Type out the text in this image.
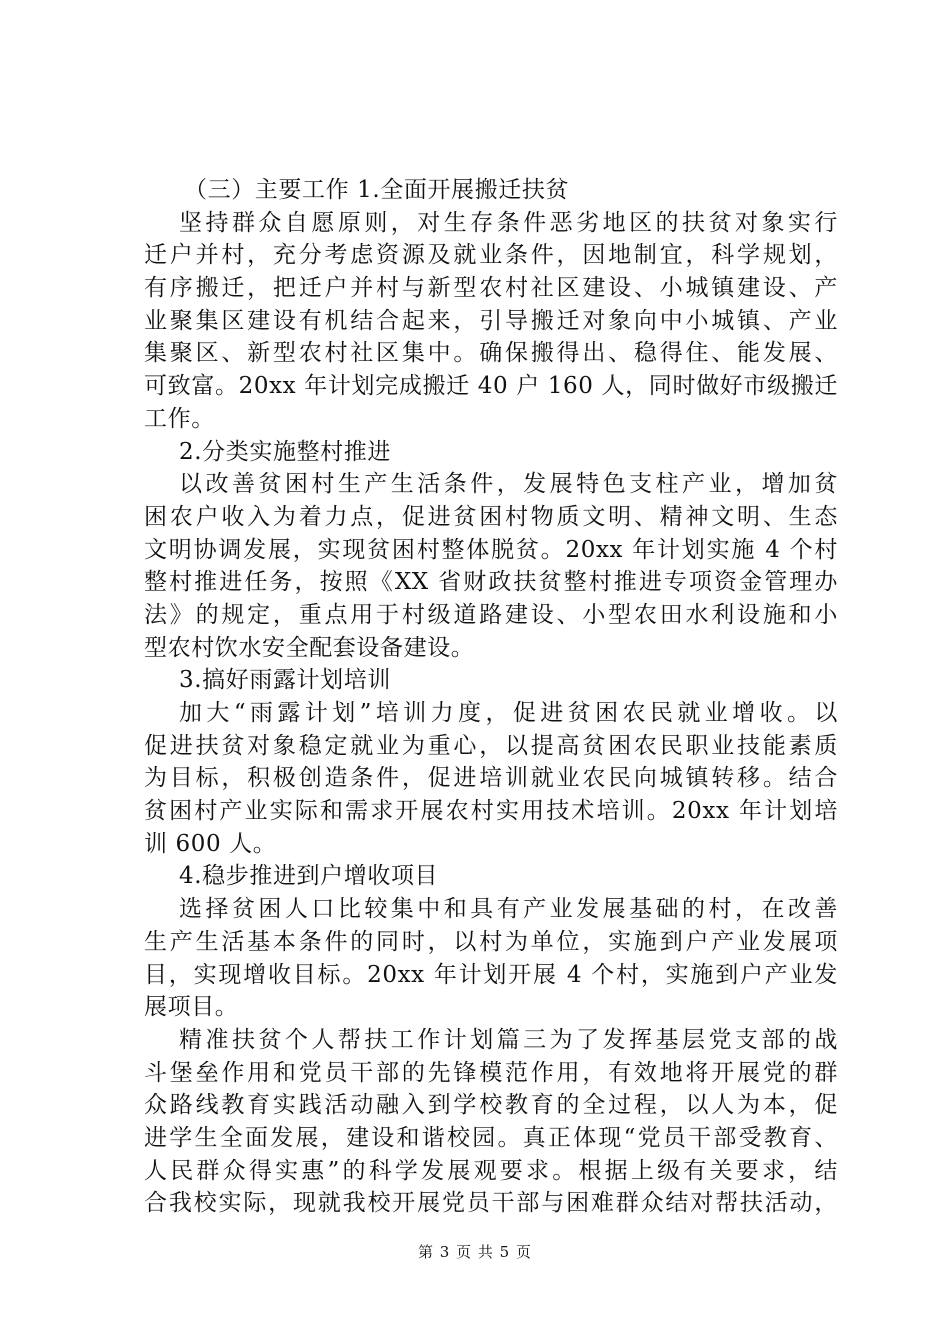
（三）主要工作 1.全面开展搬迁扶贫
坚持群众自愿原则，对生存条件恶劣地区的扶贫对象实行
迁户并村，充分考虑资源及就业条件，因地制宜，科学规划，
有序搬迁，把迁户并村与新型农村社区建设、小城镇建设、产
业聚集区建设有机结合起来，引导搬迁对象向中小城镇、产业
集聚区、新型农村社区集中。确保搬得出、稳得住、能发展、
可致富。20xx 年计划完成搬迁 40 户 160 人，同时做好市级搬迁
工作。
2.分类实施整村推进
以改善贫困村生产生活条件，发展特色支柱产业，增加贫
困农户收入为着力点，促进贫困村物质文明、精神文明、生态
文明协调发展，实现贫困村整体脱贫。20xx 年计划实施 4 个村
整村推进任务，按照《XX 省财政扶贫整村推进专项资金管理办
法》的规定，重点用于村级道路建设、小型农田水利设施和小
型农村饮水安全配套设备建设。
3.搞好雨露计划培训
加大“雨露计划”培训力度，促进贫困农民就业增收。以
促进扶贫对象稳定就业为重心，以提高贫困农民职业技能素质
为目标，积极创造条件，促进培训就业农民向城镇转移。结合
贫困村产业实际和需求开展农村实用技术培训。20xx 年计划培
训 600 人。
4.稳步推进到户增收项目
选择贫困人口比较集中和具有产业发展基础的村，在改善
生产生活基本条件的同时，以村为单位，实施到户产业发展项
目，实现增收目标。20xx 年计划开展 4 个村，实施到户产业发
展项目。
精准扶贫个人帮扶工作计划篇三为了发挥基层党支部的战
斗堡垒作用和党员干部的先锋模范作用，有效地将开展党的群
众路线教育实践活动融入到学校教育的全过程，以人为本，促
进学生全面发展，建设和谐校园。真正体现“党员干部受教育、
人民群众得实惠”的科学发展观要求。根据上级有关要求，结
合我校实际，现就我校开展党员干部与困难群众结对帮扶活动，
第 3 页 共 5 页
